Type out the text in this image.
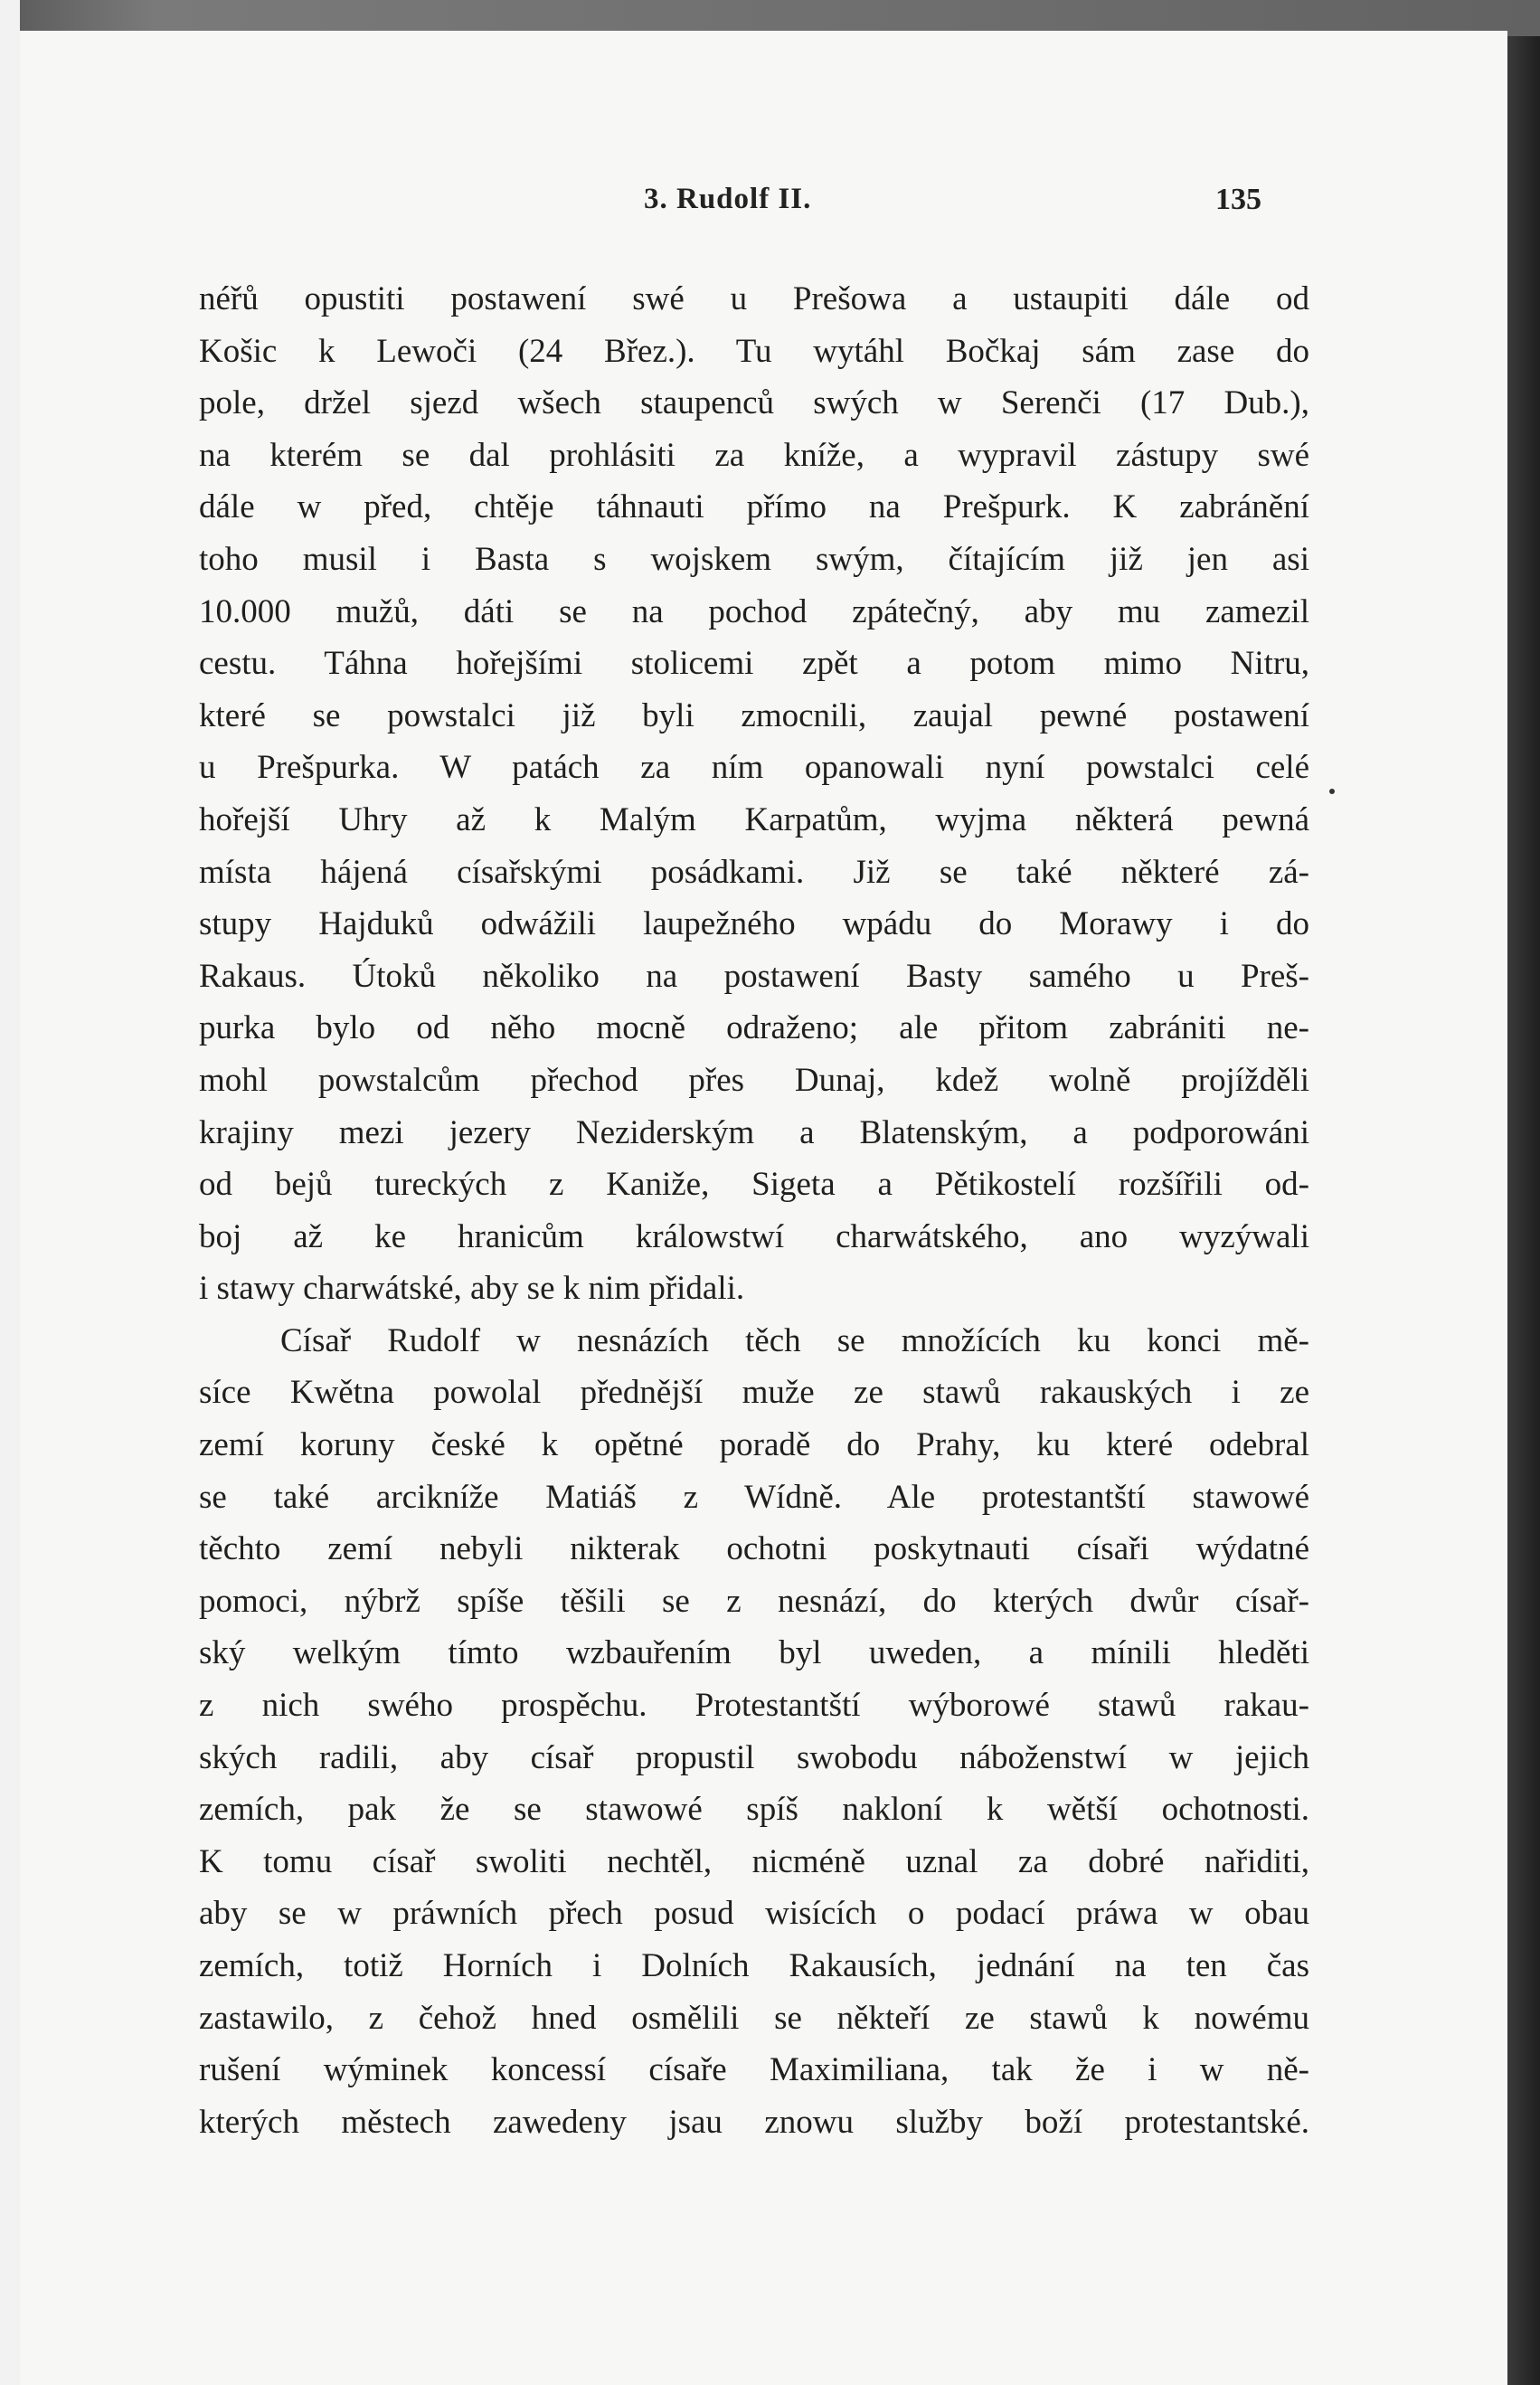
3. Rudolf II.	135
néřů opustiti postawení swé u Prešowa a ustaupiti dále od
Košic k Lewoči (24 Břez.). Tu wytáhl Bočkaj sám zase do
pole, držel sjezd wšech staupenců swých w Serenči (17 Dub.),
na kterém se dal prohlásiti za kníže, a wypravil zástupy swé
dále w před, chtěje táhnauti přímo na Prešpurk. K zabránění
toho musil i Basta s wojskem swým, čítajícím již jen asi
10.000 mužů, dáti se na pochod zpátečný, aby mu zamezil
cestu. Táhna hořejšími stolicemi zpět a potom mimo Nitru,
které se powstalci již byli zmocnili, zaujal pewné postawení
u Prešpurka. W patách za ním opanowali nyní powstalci celé
hořejší Uhry až k Malým Karpatům, wyjma některá pewná
místa hájená císařskými posádkami. Již se také některé zá-
stupy Hajduků odwážili laupežného wpádu do Morawy i do
Rakaus. Útoků několiko na postawení Basty samého u Preš-
purka bylo od něho mocně odraženo; ale přitom zabrániti ne-
mohl powstalcům přechod přes Dunaj, kdež wolně projížděli
krajiny mezi jezery Neziderským a Blatenským, a podporowáni
od bejů tureckých z Kaniže, Sigeta a Pětikostelí rozšířili od-
boj až ke hranicům králowstwí charwátského, ano wyzýwali
i stawy charwátské, aby se k nim přidali.
Císař Rudolf w nesnázích těch se množících ku konci mě-
síce Kwětna powolal přednější muže ze stawů rakauských i ze
zemí koruny české k opětné poradě do Prahy, ku které odebral
se také arcikníže Matiáš z Wídně. Ale protestantští stawowé
těchto zemí nebyli nikterak ochotni poskytnauti císaři wýdatné
pomoci, nýbrž spíše těšili se z nesnází, do kterých dwůr císař-
ský welkým tímto wzbauřením byl uweden, a mínili hleděti
z nich swého prospěchu. Protestantští wýborowé stawů rakau-
ských radili, aby císař propustil swobodu náboženstwí w jejich
zemích, pak že se stawowé spíš nakloní k wětší ochotnosti.
K tomu císař swoliti nechtěl, nicméně uznal za dobré nařiditi,
aby se w práwních přech posud wisících o podací práwa w obau
zemích, totiž Horních i Dolních Rakausích, jednání na ten čas
zastawilo, z čehož hned osmělili se někteří ze stawů k nowému
rušení wýminek koncessí císaře Maximiliana, tak že i w ně-
kterých městech zawedeny jsau znowu služby boží protestantské.
